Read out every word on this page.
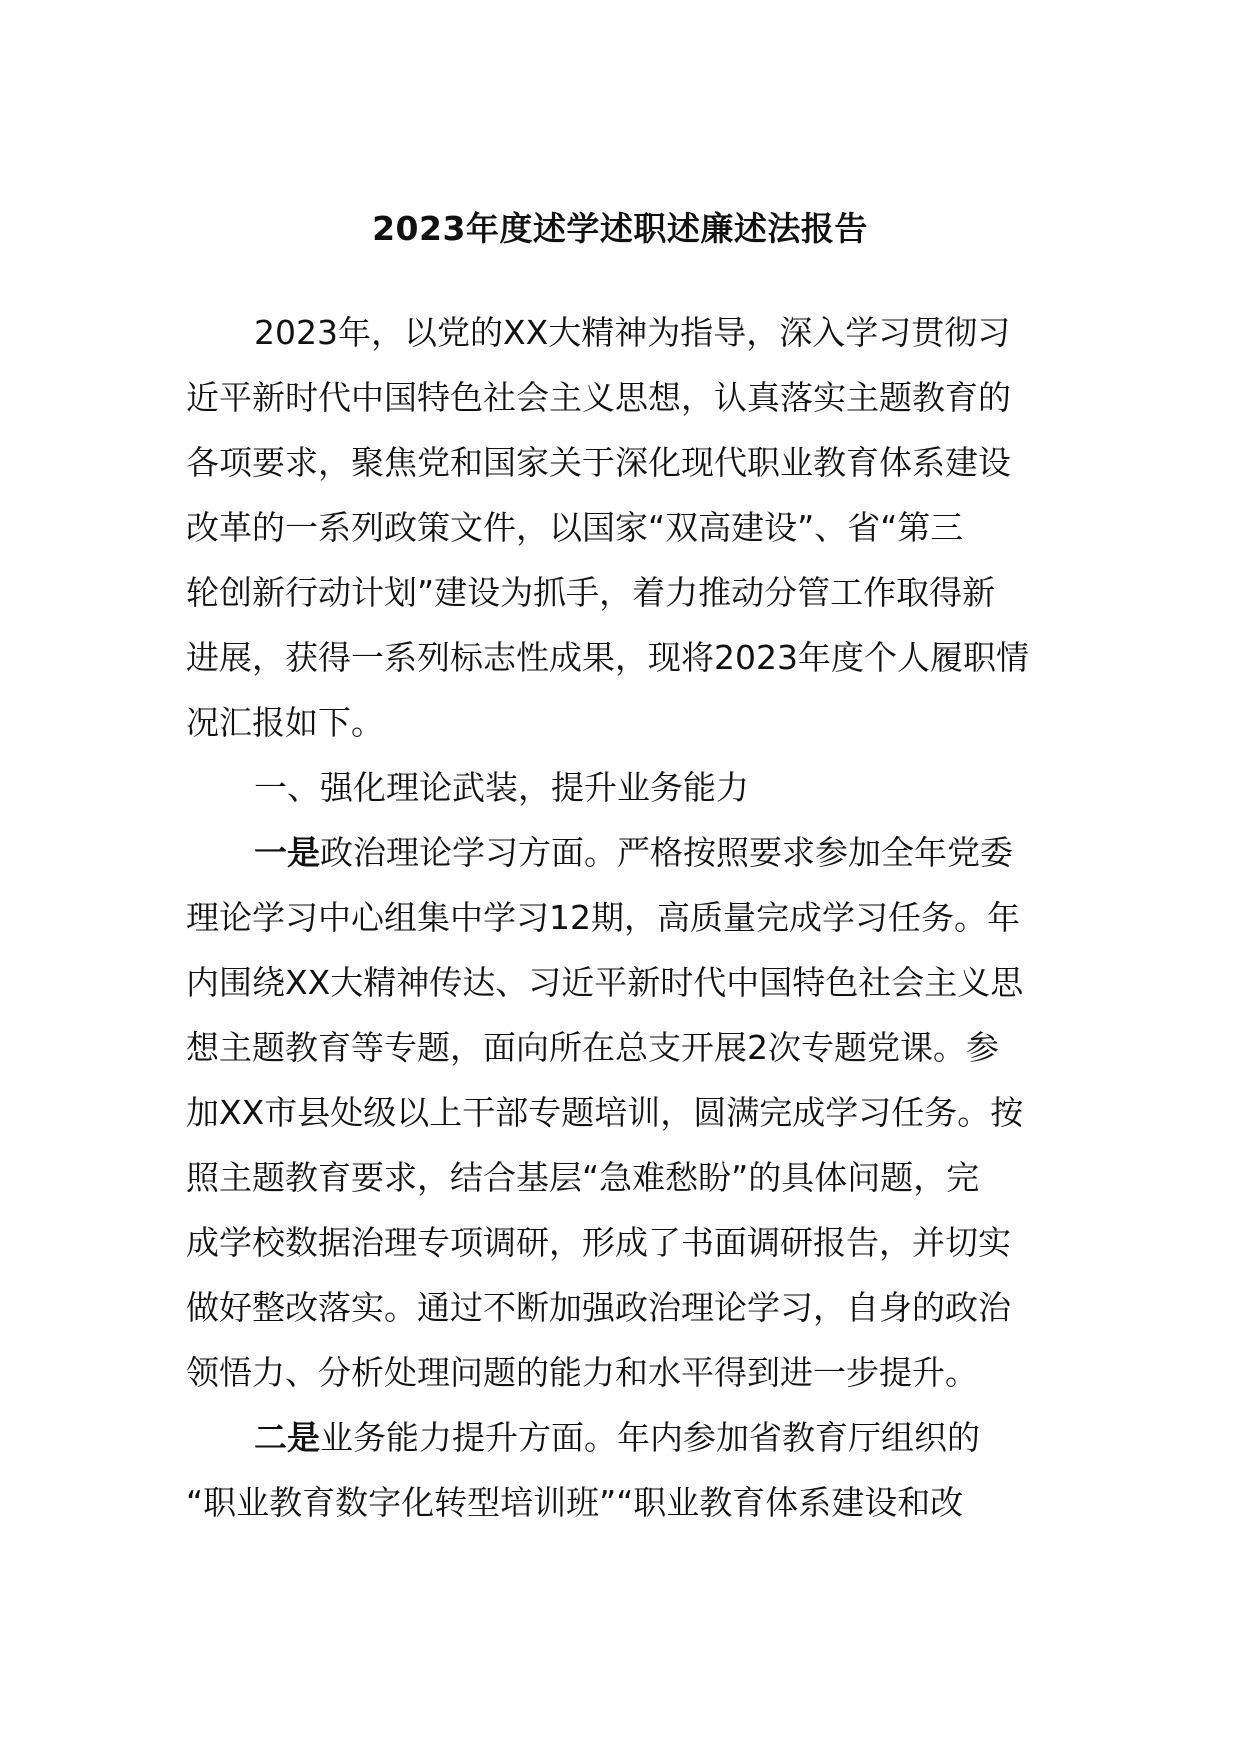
2023年度述学述职述廉述法报告
2023年，以党的XX大精神为指导，深入学习贯彻习
近平新时代中国特色社会主义思想，认真落实主题教育的
各项要求，聚焦党和国家关于深化现代职业教育体系建设
改革的一系列政策文件，以国家“双高建设”、省“第三
轮创新行动计划”建设为抓手，着力推动分管工作取得新
进展，获得一系列标志性成果，现将2023年度个人履职情
况汇报如下。
一、强化理论武装，提升业务能力
一是政治理论学习方面。严格按照要求参加全年党委
理论学习中心组集中学习12期，高质量完成学习任务。年
内围绕XX大精神传达、习近平新时代中国特色社会主义思
想主题教育等专题，面向所在总支开展2次专题党课。参
加XX市县处级以上干部专题培训，圆满完成学习任务。按
照主题教育要求，结合基层“急难愁盼”的具体问题，完
成学校数据治理专项调研，形成了书面调研报告，并切实
做好整改落实。通过不断加强政治理论学习，自身的政治
领悟力、分析处理问题的能力和水平得到进一步提升。
二是业务能力提升方面。年内参加省教育厅组织的
“职业教育数字化转型培训班”“职业教育体系建设和改
